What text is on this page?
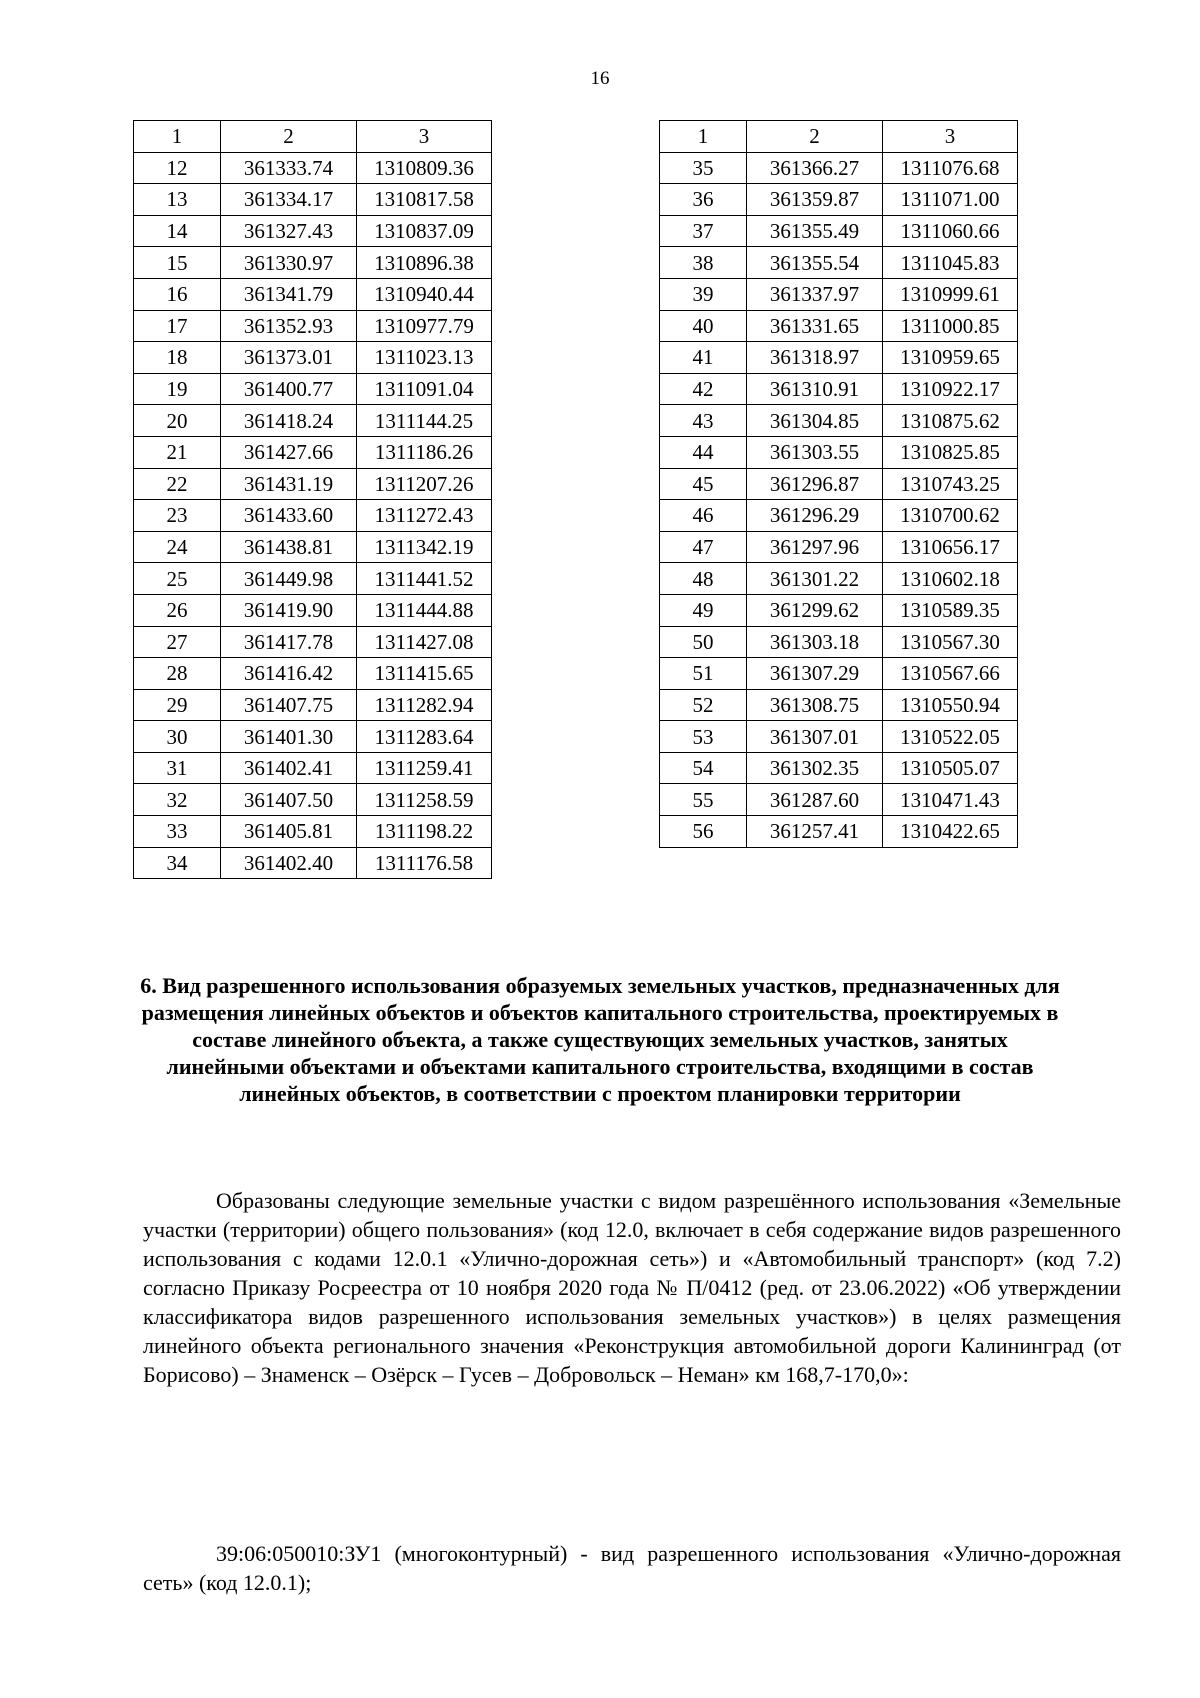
16
1	2	3
12	361333.74	1310809.36
13	361334.17	1310817.58
14	361327.43	1310837.09
15	361330.97	1310896.38
16	361341.79	1310940.44
17	361352.93	1310977.79
18	361373.01	1311023.13
19	361400.77	1311091.04
20	361418.24	1311144.25
21	361427.66	1311186.26
22	361431.19	1311207.26
23	361433.60	1311272.43
24	361438.81	1311342.19
25	361449.98	1311441.52
26	361419.90	1311444.88
27	361417.78	1311427.08
28	361416.42	1311415.65
29	361407.75	1311282.94
30	361401.30	1311283.64
31	361402.41	1311259.41
32	361407.50	1311258.59
33	361405.81	1311198.22
34	361402.40	1311176.58
1	2	3
35	361366.27	1311076.68
36	361359.87	1311071.00
37	361355.49	1311060.66
38	361355.54	1311045.83
39	361337.97	1310999.61
40	361331.65	1311000.85
41	361318.97	1310959.65
42	361310.91	1310922.17
43	361304.85	1310875.62
44	361303.55	1310825.85
45	361296.87	1310743.25
46	361296.29	1310700.62
47	361297.96	1310656.17
48	361301.22	1310602.18
49	361299.62	1310589.35
50	361303.18	1310567.30
51	361307.29	1310567.66
52	361308.75	1310550.94
53	361307.01	1310522.05
54	361302.35	1310505.07
55	361287.60	1310471.43
56	361257.41	1310422.65
6. Вид разрешенного использования образуемых земельных участков, предназначенных для размещения линейных объектов и объектов капитального строительства, проектируемых в составе линейного объекта, а также существующих земельных участков, занятых линейными объектами и объектами капитального строительства, входящими в состав линейных объектов, в соответствии с проектом планировки территории
Образованы следующие земельные участки с видом разрешённого использования «Земельные участки (территории) общего пользования» (код 12.0, включает в себя содержание видов разрешенного использования с кодами 12.0.1 «Улично-дорожная сеть») и «Автомобильный транспорт» (код 7.2) согласно Приказу Росреестра от 10 ноября 2020 года № П/0412 (ред. от 23.06.2022) «Об утверждении классификатора видов разрешенного использования земельных участков») в целях размещения линейного объекта регионального значения «Реконструкция автомобильной дороги Калининград (от Борисово) – Знаменск – Озёрск – Гусев – Добровольск – Неман» км 168,7-170,0»:
39:06:050010:ЗУ1 (многоконтурный) - вид разрешенного использования «Улично-дорожная сеть» (код 12.0.1);
